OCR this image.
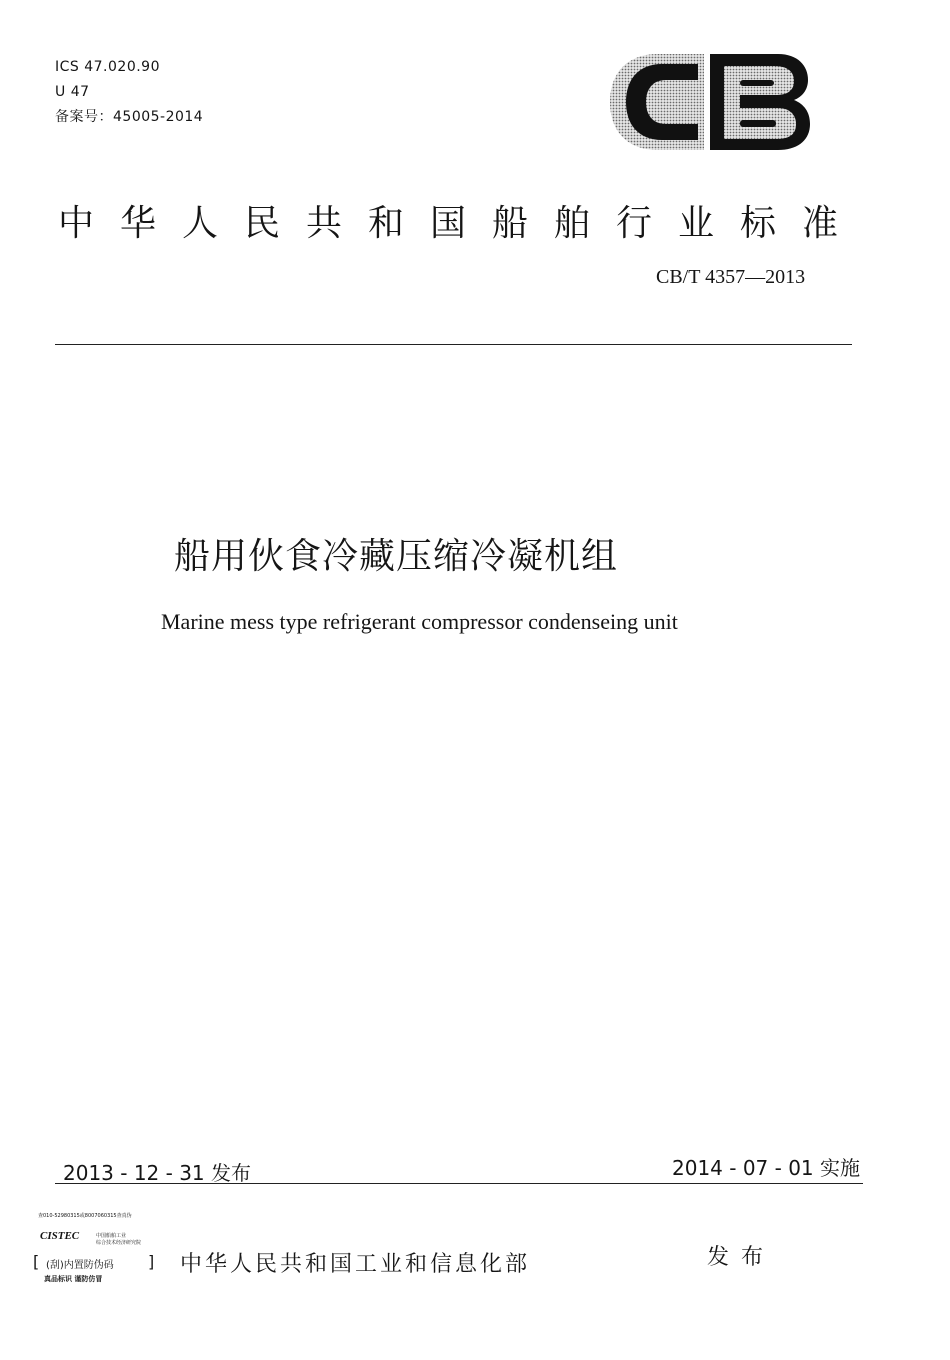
ICS 47.020.90
U 47
备案号：45005-2014
中华人民共和国船舶行业标准
CB/T 4357—2013
船用伙食冷藏压缩冷凝机组
Marine mess type refrigerant compressor condenseing unit
2013 - 12 - 31 发布	2014 - 07 - 01 实施
查010-52980315或8007060315查真伪
CISTEC	中国船舶工业
综合技术经济研究院
[ (刮)内置防伪码 ]
真品标识 谨防仿冒
中华人民共和国工业和信息化部	发布
